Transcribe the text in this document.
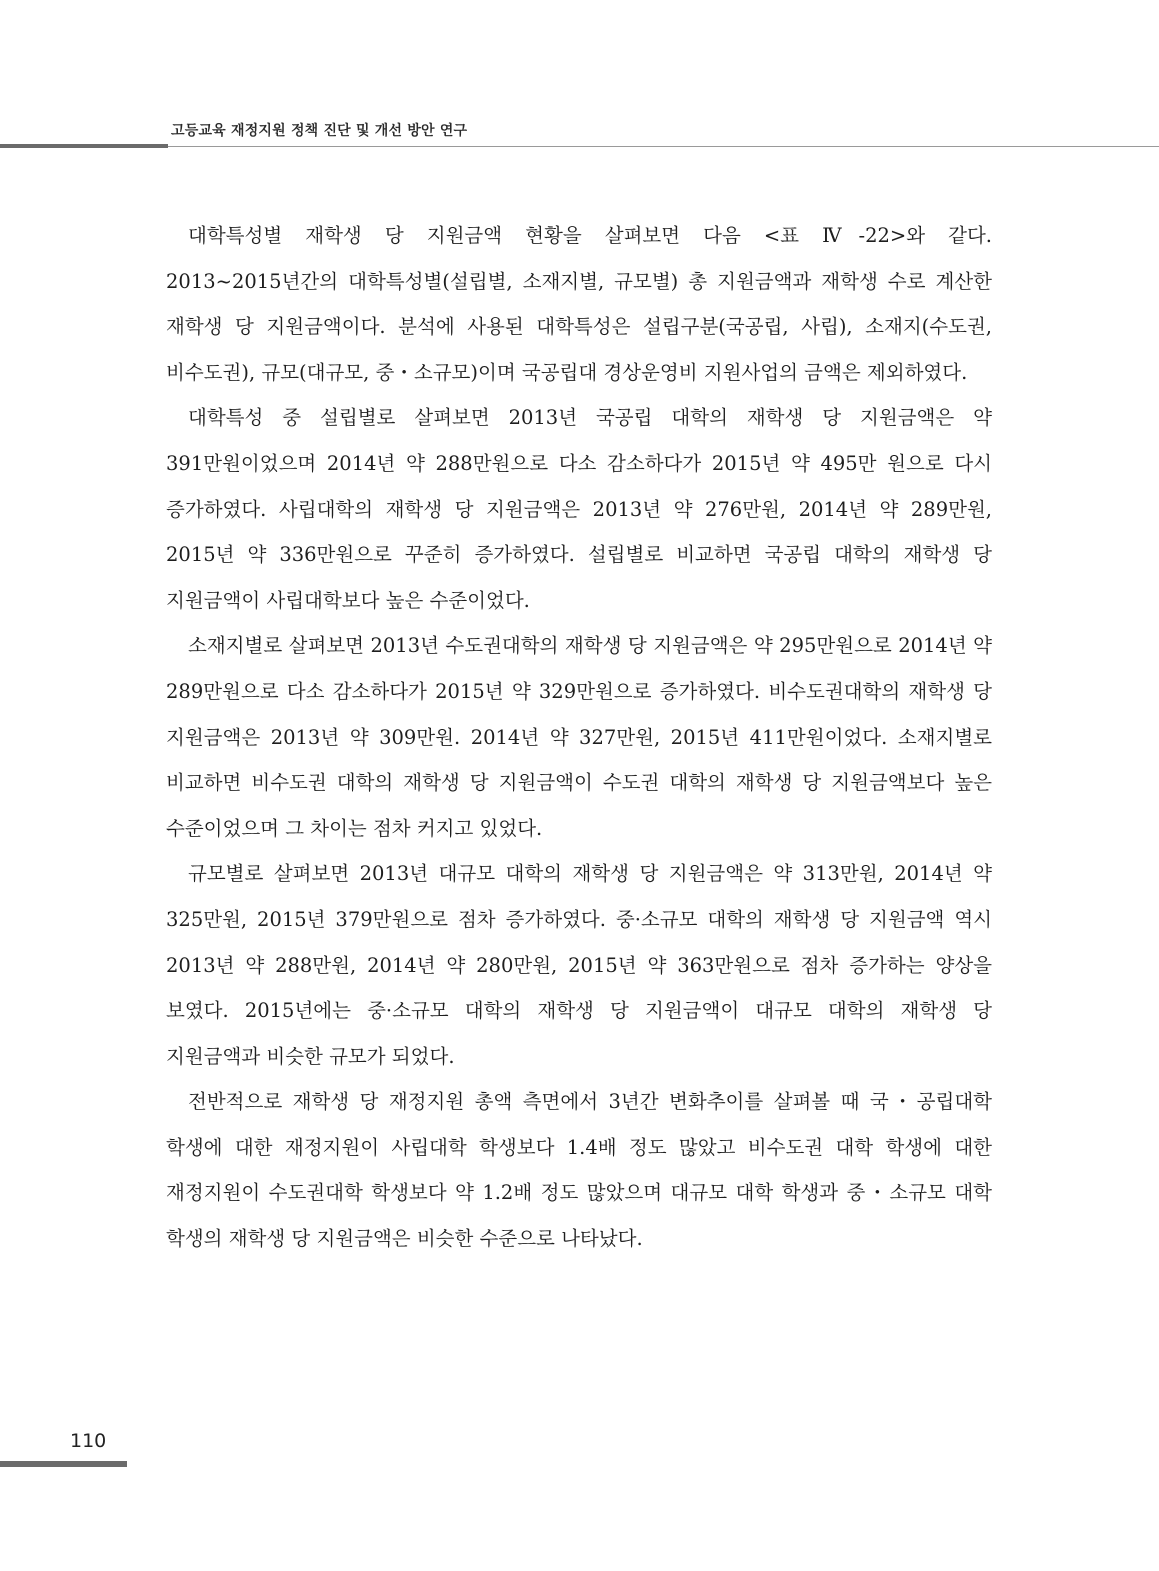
고등교육 재정지원 정책 진단 및 개선 방안 연구

대학특성별 재학생 당 지원금액 현황을 살펴보면 다음 <표 Ⅳ-22>와 같다. 2013~2015년간의 대학특성별(설립별, 소재지별, 규모별) 총 지원금액과 재학생 수로 계산한 재학생 당 지원금액이다. 분석에 사용된 대학특성은 설립구분(국공립, 사립), 소재지(수도권, 비수도권), 규모(대규모, 중・소규모)이며 국공립대 경상운영비 지원사업의 금액은 제외하였다.

대학특성 중 설립별로 살펴보면 2013년 국공립 대학의 재학생 당 지원금액은 약 391만원이었으며 2014년 약 288만원으로 다소 감소하다가 2015년 약 495만 원으로 다시 증가하였다. 사립대학의 재학생 당 지원금액은 2013년 약 276만원, 2014년 약 289만원, 2015년 약 336만원으로 꾸준히 증가하였다. 설립별로 비교하면 국공립 대학의 재학생 당 지원금액이 사립대학보다 높은 수준이었다.

소재지별로 살펴보면 2013년 수도권대학의 재학생 당 지원금액은 약 295만원으로 2014년 약 289만원으로 다소 감소하다가 2015년 약 329만원으로 증가하였다. 비수도권대학의 재학생 당 지원금액은 2013년 약 309만원. 2014년 약 327만원, 2015년 411만원이었다. 소재지별로 비교하면 비수도권 대학의 재학생 당 지원금액이 수도권 대학의 재학생 당 지원금액보다 높은 수준이었으며 그 차이는 점차 커지고 있었다.

규모별로 살펴보면 2013년 대규모 대학의 재학생 당 지원금액은 약 313만원, 2014년 약 325만원, 2015년 379만원으로 점차 증가하였다. 중·소규모 대학의 재학생 당 지원금액 역시 2013년 약 288만원, 2014년 약 280만원, 2015년 약 363만원으로 점차 증가하는 양상을 보였다. 2015년에는 중·소규모 대학의 재학생 당 지원금액이 대규모 대학의 재학생 당 지원금액과 비슷한 규모가 되었다.

전반적으로 재학생 당 재정지원 총액 측면에서 3년간 변화추이를 살펴볼 때 국・공립대학 학생에 대한 재정지원이 사립대학 학생보다 1.4배 정도 많았고 비수도권 대학 학생에 대한 재정지원이 수도권대학 학생보다 약 1.2배 정도 많았으며 대규모 대학 학생과 중・소규모 대학 학생의 재학생 당 지원금액은 비슷한 수준으로 나타났다.

110
